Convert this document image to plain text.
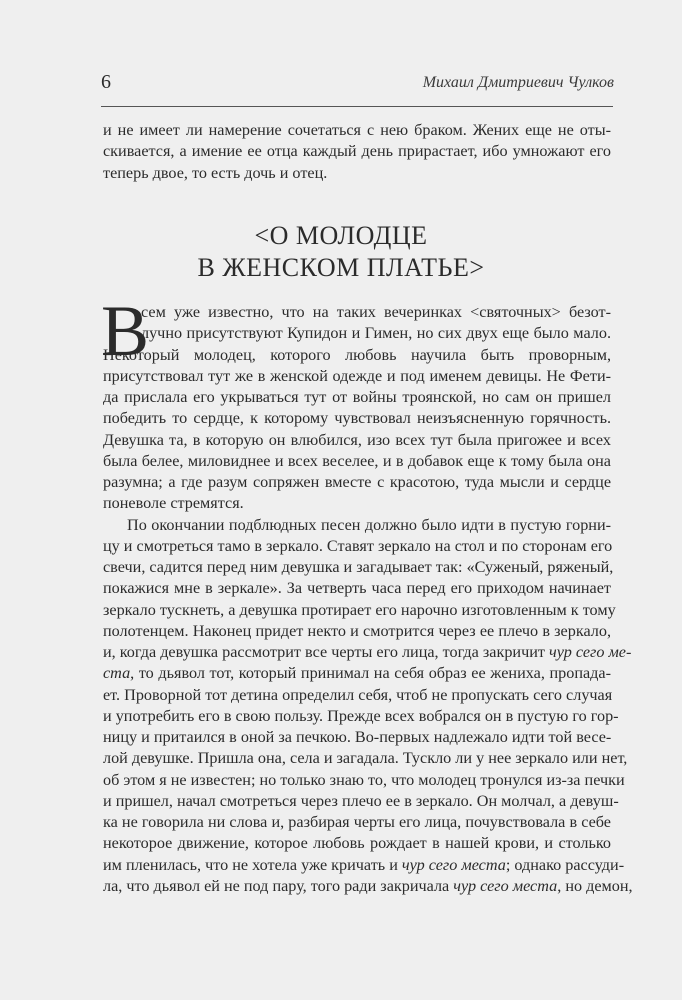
6	Михаил Дмитриевич Чулков
и не имеет ли намерение сочетаться с нею браком. Жених еще не оты-
скивается, а имение ее отца каждый день прирастает, ибо умножают его
теперь двое, то есть дочь и отец.
<О МОЛОДЦЕ
В ЖЕНСКОМ ПЛАТЬЕ>
В
сем уже известно, что на таких вечеринках <святочных> безот-
лучно присутствуют Купидон и Гимен, но сих двух еще было мало.
Некоторый молодец, которого любовь научила быть проворным,
присутствовал тут же в женской одежде и под именем девицы. Не Фети-
да прислала его укрываться тут от войны троянской, но сам он пришел
победить то сердце, к которому чувствовал неизъясненную горячность.
Девушка та, в которую он влюбился, изо всех тут была пригожее и всех
была белее, миловиднее и всех веселее, и в добавок еще к тому была она
разумна; а где разум сопряжен вместе с красотою, туда мысли и сердце
поневоле стремятся.
По окончании подблюдных песен должно было идти в пустую горни-
цу и смотреться тамо в зеркало. Ставят зеркало на стол и по сторонам его
свечи, садится перед ним девушка и загадывает так: «Суженый, ряженый,
покажися мне в зеркале». За четверть часа перед его приходом начинает
зеркало тускнеть, а девушка протирает его нарочно изготовленным к тому
полотенцем. Наконец придет некто и смотрится через ее плечо в зеркало,
и, когда девушка рассмотрит все черты его лица, тогда закричит чур сего ме-
ста, то дьявол тот, который принимал на себя образ ее жениха, пропада-
ет. Проворной тот детина определил себя, чтоб не пропускать сего случая
и употребить его в свою пользу. Прежде всех вобрался он в пустую го гор-
ницу и притаился в оной за печкою. Во-первых надлежало идти той весе-
лой девушке. Пришла она, села и загадала. Тускло ли у нее зеркало или нет,
об этом я не известен; но только знаю то, что молодец тронулся из-за печки
и пришел, начал смотреться через плечо ее в зеркало. Он молчал, а девуш-
ка не говорила ни слова и, разбирая черты его лица, почувствовала в себе
некоторое движение, которое любовь рождает в нашей крови, и столько
им пленилась, что не хотела уже кричать и чур сего места; однако рассуди-
ла, что дьявол ей не под пару, того ради закричала чур сего места, но демон,
